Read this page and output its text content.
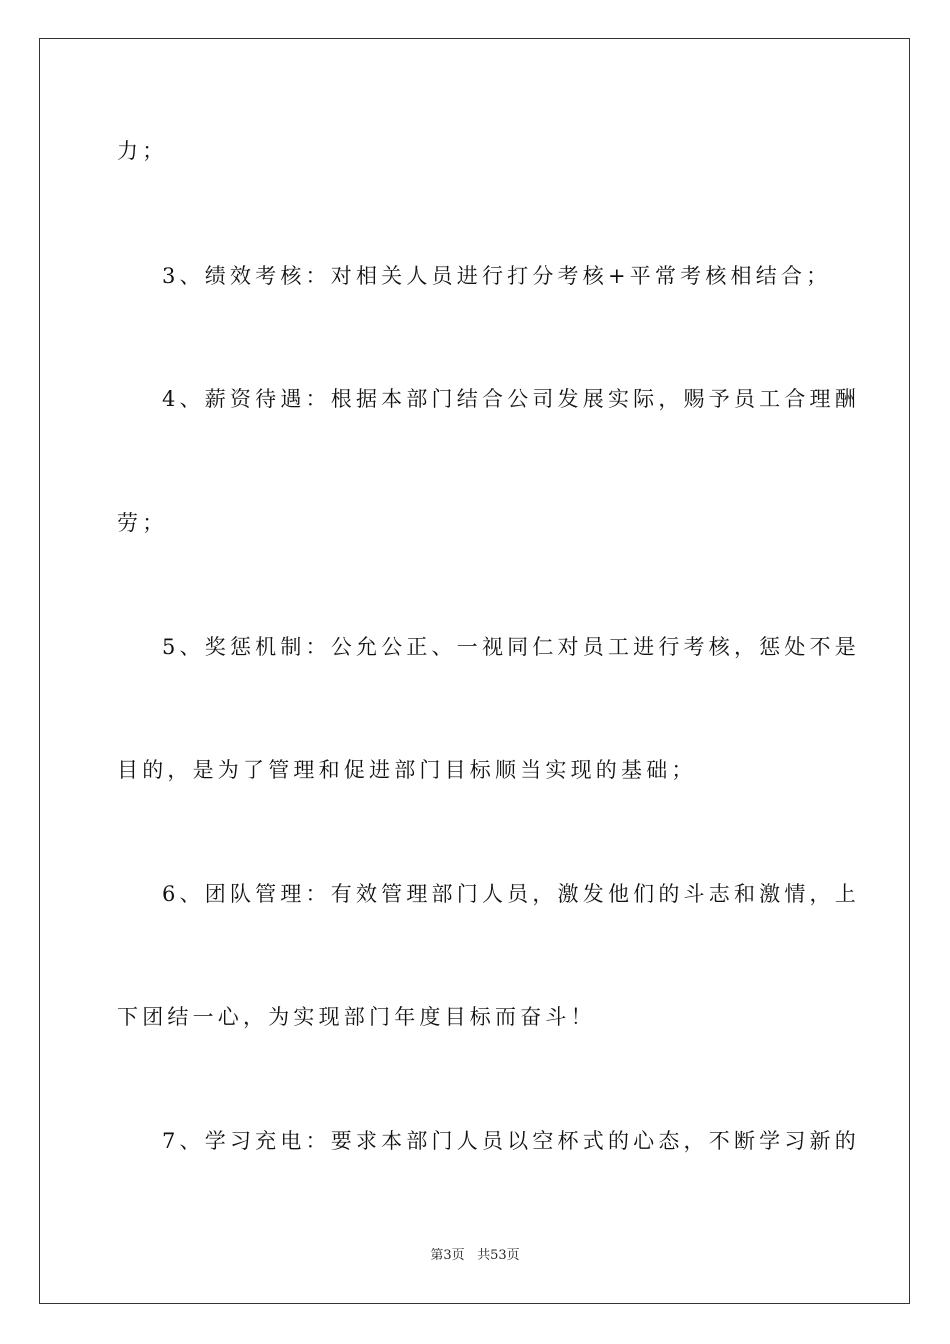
力；
3、绩效考核：对相关人员进行打分考核+平常考核相结合；
4、薪资待遇：根据本部门结合公司发展实际，赐予员工合理酬
劳；
5、奖惩机制：公允公正、一视同仁对员工进行考核，惩处不是
目的，是为了管理和促进部门目标顺当实现的基础；
6、团队管理：有效管理部门人员，激发他们的斗志和激情，上
下团结一心，为实现部门年度目标而奋斗！
7、学习充电：要求本部门人员以空杯式的心态，不断学习新的
第3页 共53页
